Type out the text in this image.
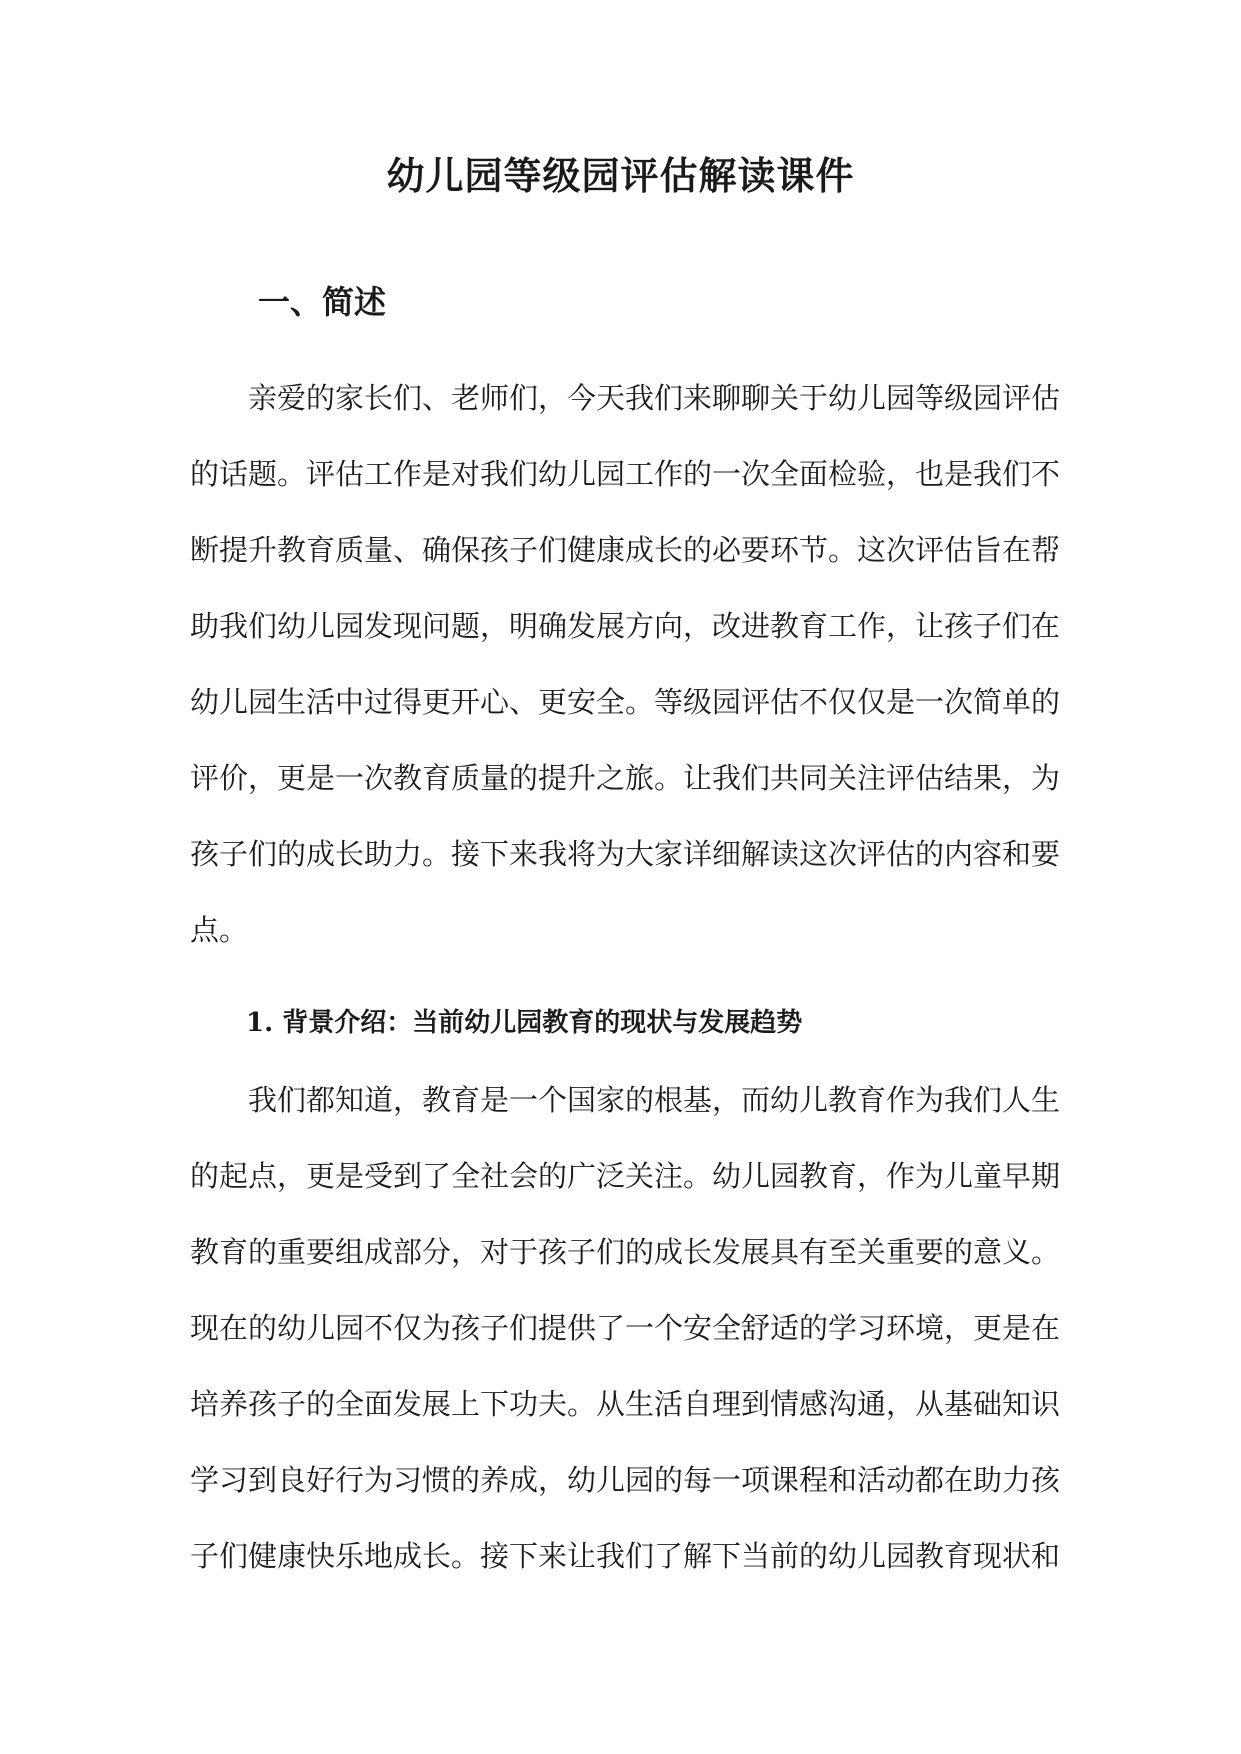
幼儿园等级园评估解读课件
一、简述
亲爱的家长们、老师们，今天我们来聊聊关于幼儿园等级园评估
的话题。评估工作是对我们幼儿园工作的一次全面检验，也是我们不
断提升教育质量、确保孩子们健康成长的必要环节。这次评估旨在帮
助我们幼儿园发现问题，明确发展方向，改进教育工作，让孩子们在
幼儿园生活中过得更开心、更安全。等级园评估不仅仅是一次简单的
评价，更是一次教育质量的提升之旅。让我们共同关注评估结果，为
孩子们的成长助力。接下来我将为大家详细解读这次评估的内容和要
点。
1. 背景介绍：当前幼儿园教育的现状与发展趋势
我们都知道，教育是一个国家的根基，而幼儿教育作为我们人生
的起点，更是受到了全社会的广泛关注。幼儿园教育，作为儿童早期
教育的重要组成部分，对于孩子们的成长发展具有至关重要的意义。
现在的幼儿园不仅为孩子们提供了一个安全舒适的学习环境，更是在
培养孩子的全面发展上下功夫。从生活自理到情感沟通，从基础知识
学习到良好行为习惯的养成，幼儿园的每一项课程和活动都在助力孩
子们健康快乐地成长。接下来让我们了解下当前的幼儿园教育现状和
